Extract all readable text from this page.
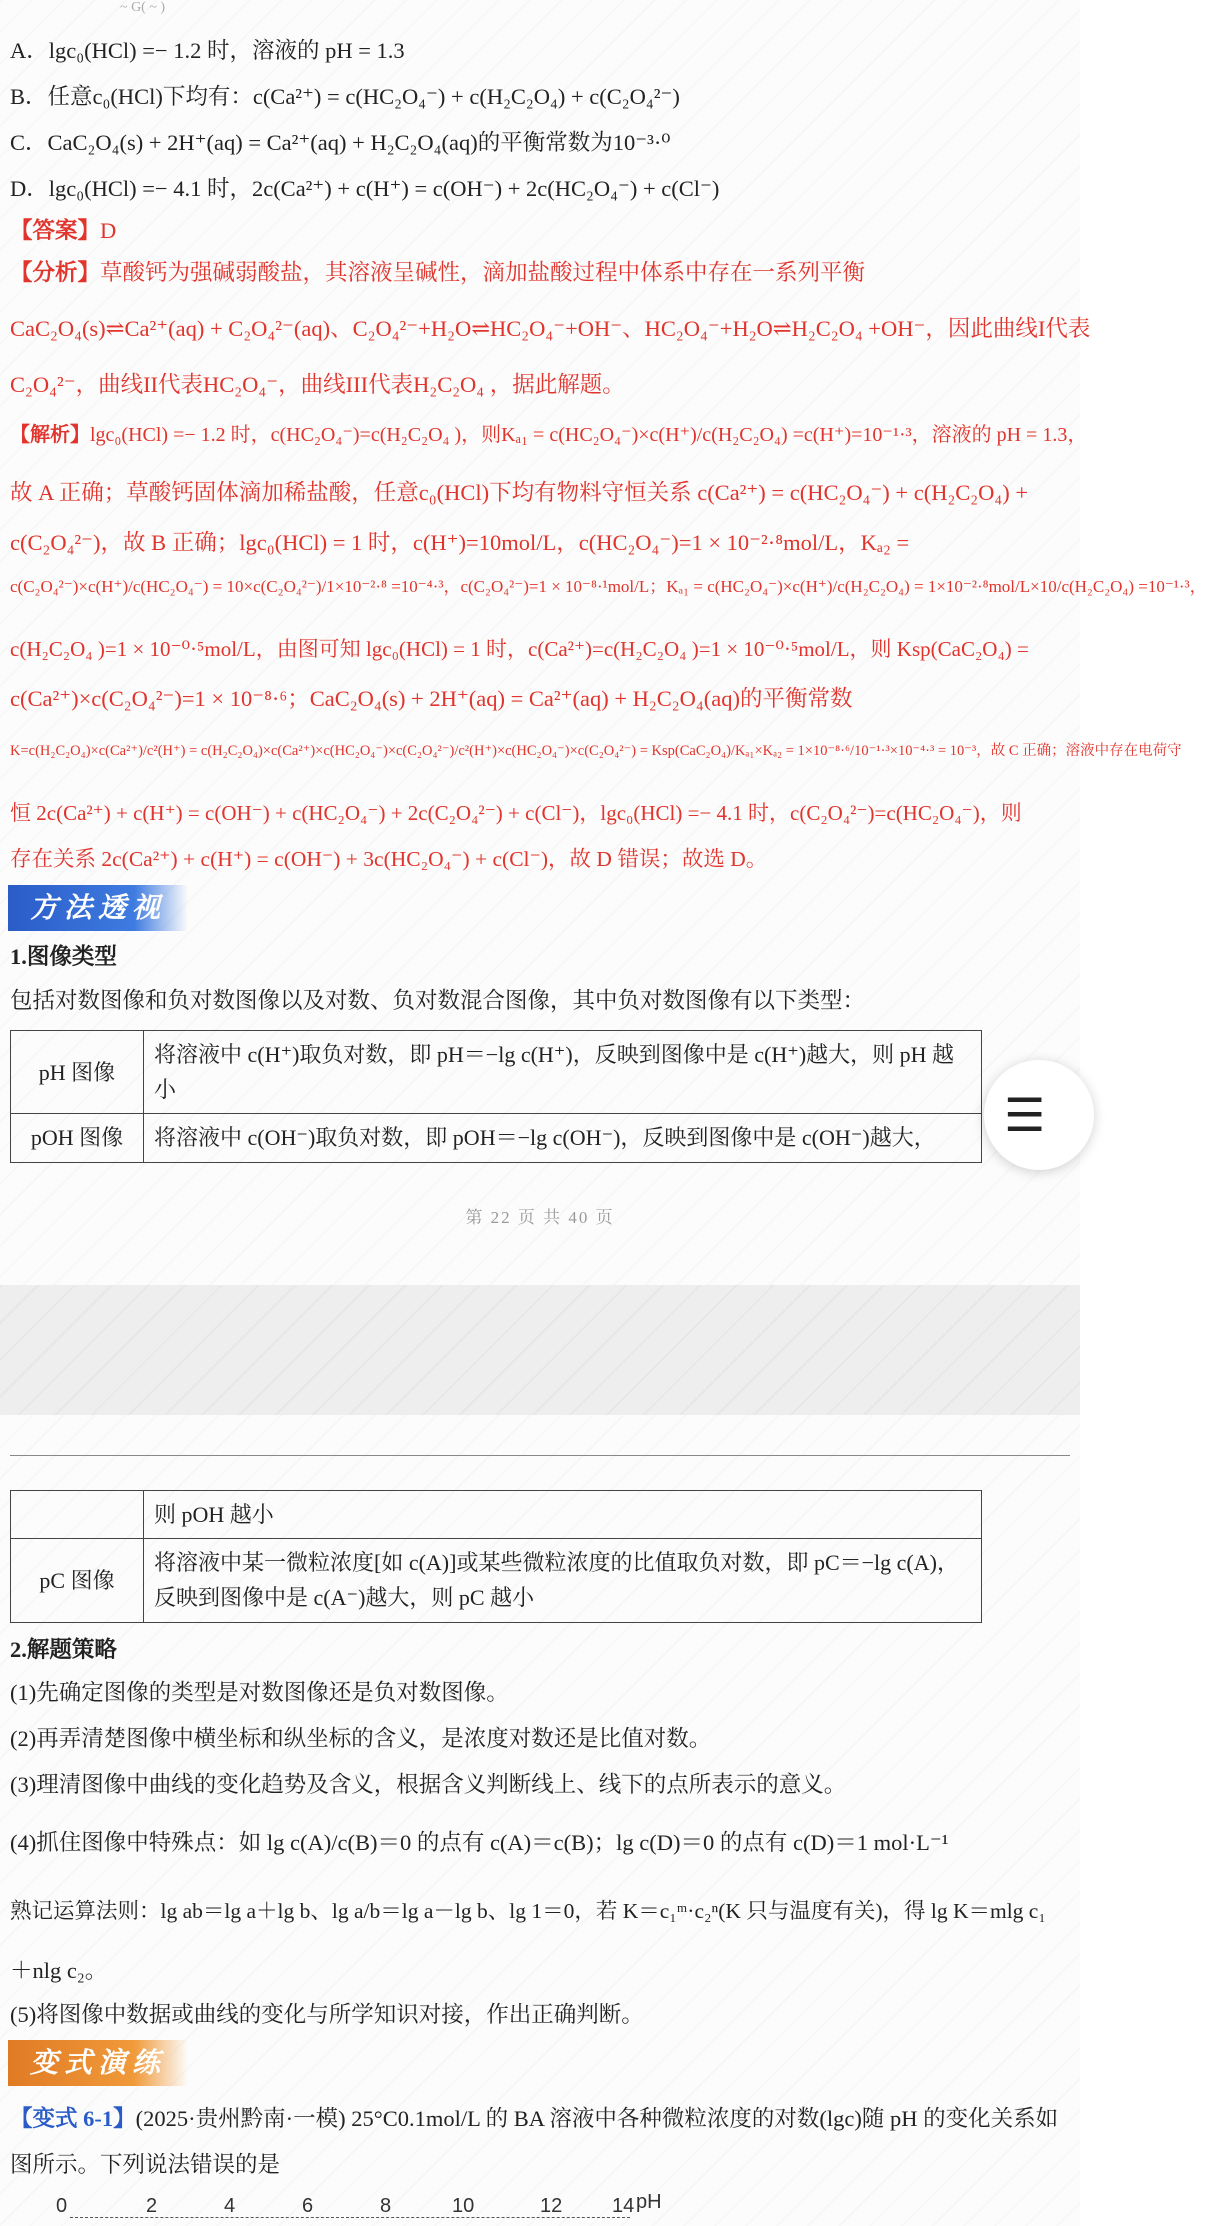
~ G( ~ )
A．lgc₀(HCl) =− 1.2 时，溶液的 pH = 1.3
B．任意c₀(HCl)下均有：c(Ca²⁺) = c(HC₂O₄⁻) + c(H₂C₂O₄) + c(C₂O₄²⁻)
C．CaC₂O₄(s) + 2H⁺(aq) = Ca²⁺(aq) + H₂C₂O₄(aq)的平衡常数为10⁻³·⁰
D．lgc₀(HCl) =− 4.1 时，2c(Ca²⁺) + c(H⁺) = c(OH⁻) + 2c(HC₂O₄⁻) + c(Cl⁻)
【答案】D
【分析】草酸钙为强碱弱酸盐，其溶液呈碱性，滴加盐酸过程中体系中存在一系列平衡
CaC₂O₄(s)⇌Ca²⁺(aq) + C₂O₄²⁻(aq)、C₂O₄²⁻+H₂O⇌HC₂O₄⁻+OH⁻、HC₂O₄⁻+H₂O⇌H₂C₂O₄ +OH⁻，因此曲线I代表
C₂O₄²⁻，曲线II代表HC₂O₄⁻，曲线III代表H₂C₂O₄ ，据此解题。
【解析】lgc₀(HCl) =− 1.2 时，c(HC₂O₄⁻)=c(H₂C₂O₄ )，则Kₐ₁ = c(HC₂O₄⁻)×c(H⁺)/c(H₂C₂O₄) =c(H⁺)=10⁻¹·³，溶液的 pH = 1.3，
故 A 正确；草酸钙固体滴加稀盐酸，任意c₀(HCl)下均有物料守恒关系 c(Ca²⁺) = c(HC₂O₄⁻) + c(H₂C₂O₄) +
c(C₂O₄²⁻)，故 B 正确；lgc₀(HCl) = 1 时，c(H⁺)=10mol/L，c(HC₂O₄⁻)=1 × 10⁻²·⁸mol/L，Kₐ₂ =
c(C₂O₄²⁻)×c(H⁺)/c(HC₂O₄⁻) = 10×c(C₂O₄²⁻)/1×10⁻²·⁸ =10⁻⁴·³，c(C₂O₄²⁻)=1 × 10⁻⁸·¹mol/L；Kₐ₁ = c(HC₂O₄⁻)×c(H⁺)/c(H₂C₂O₄) = 1×10⁻²·⁸mol/L×10/c(H₂C₂O₄) =10⁻¹·³，
c(H₂C₂O₄ )=1 × 10⁻⁰·⁵mol/L，由图可知 lgc₀(HCl) = 1 时，c(Ca²⁺)=c(H₂C₂O₄ )=1 × 10⁻⁰·⁵mol/L，则 Ksp(CaC₂O₄) =
c(Ca²⁺)×c(C₂O₄²⁻)=1 × 10⁻⁸·⁶；CaC₂O₄(s) + 2H⁺(aq) = Ca²⁺(aq) + H₂C₂O₄(aq)的平衡常数
K=c(H₂C₂O₄)×c(Ca²⁺)/c²(H⁺) = c(H₂C₂O₄)×c(Ca²⁺)×c(HC₂O₄⁻)×c(C₂O₄²⁻)/c²(H⁺)×c(HC₂O₄⁻)×c(C₂O₄²⁻) = Ksp(CaC₂O₄)/Kₐ₁×Kₐ₂ = 1×10⁻⁸·⁶/10⁻¹·³×10⁻⁴·³ = 10⁻³，故 C 正确；溶液中存在电荷守
恒 2c(Ca²⁺) + c(H⁺) = c(OH⁻) + c(HC₂O₄⁻) + 2c(C₂O₄²⁻) + c(Cl⁻)，lgc₀(HCl) =− 4.1 时，c(C₂O₄²⁻)=c(HC₂O₄⁻)，则
存在关系 2c(Ca²⁺) + c(H⁺) = c(OH⁻) + 3c(HC₂O₄⁻) + c(Cl⁻)，故 D 错误；故选 D。
方法透视
1.图像类型
包括对数图像和负对数图像以及对数、负对数混合图像，其中负对数图像有以下类型：
pH 图像	将溶液中 c(H⁺)取负对数，即 pH＝−lg c(H⁺)，反映到图像中是 c(H⁺)越大，则 pH 越小
pOH 图像	将溶液中 c(OH⁻)取负对数，即 pOH＝−lg c(OH⁻)，反映到图像中是 c(OH⁻)越大，	☰
第 22 页 共 40 页
	则 pOH 越小
pC 图像	将溶液中某一微粒浓度[如 c(A)]或某些微粒浓度的比值取负对数，即 pC＝−lg c(A)，反映到图像中是 c(A⁻)越大，则 pC 越小
2.解题策略
(1)先确定图像的类型是对数图像还是负对数图像。
(2)再弄清楚图像中横坐标和纵坐标的含义，是浓度对数还是比值对数。
(3)理清图像中曲线的变化趋势及含义，根据含义判断线上、线下的点所表示的意义。
(4)抓住图像中特殊点：如 lg c(A)/c(B)＝0 的点有 c(A)＝c(B)；lg c(D)＝0 的点有 c(D)＝1 mol·L⁻¹
熟记运算法则：lg ab＝lg a＋lg b、lg a/b＝lg a－lg b、lg 1＝0，若 K＝c₁ᵐ·c₂ⁿ(K 只与温度有关)，得 lg K＝mlg c₁
＋nlg c₂。
(5)将图像中数据或曲线的变化与所学知识对接，作出正确判断。
变式演练
【变式 6-1】(2025·贵州黔南·一模) 25°C0.1mol/L 的 BA 溶液中各种微粒浓度的对数(lgc)随 pH 的变化关系如
图所示。下列说法错误的是
0	2	4	6	8	10	12 14 pH
